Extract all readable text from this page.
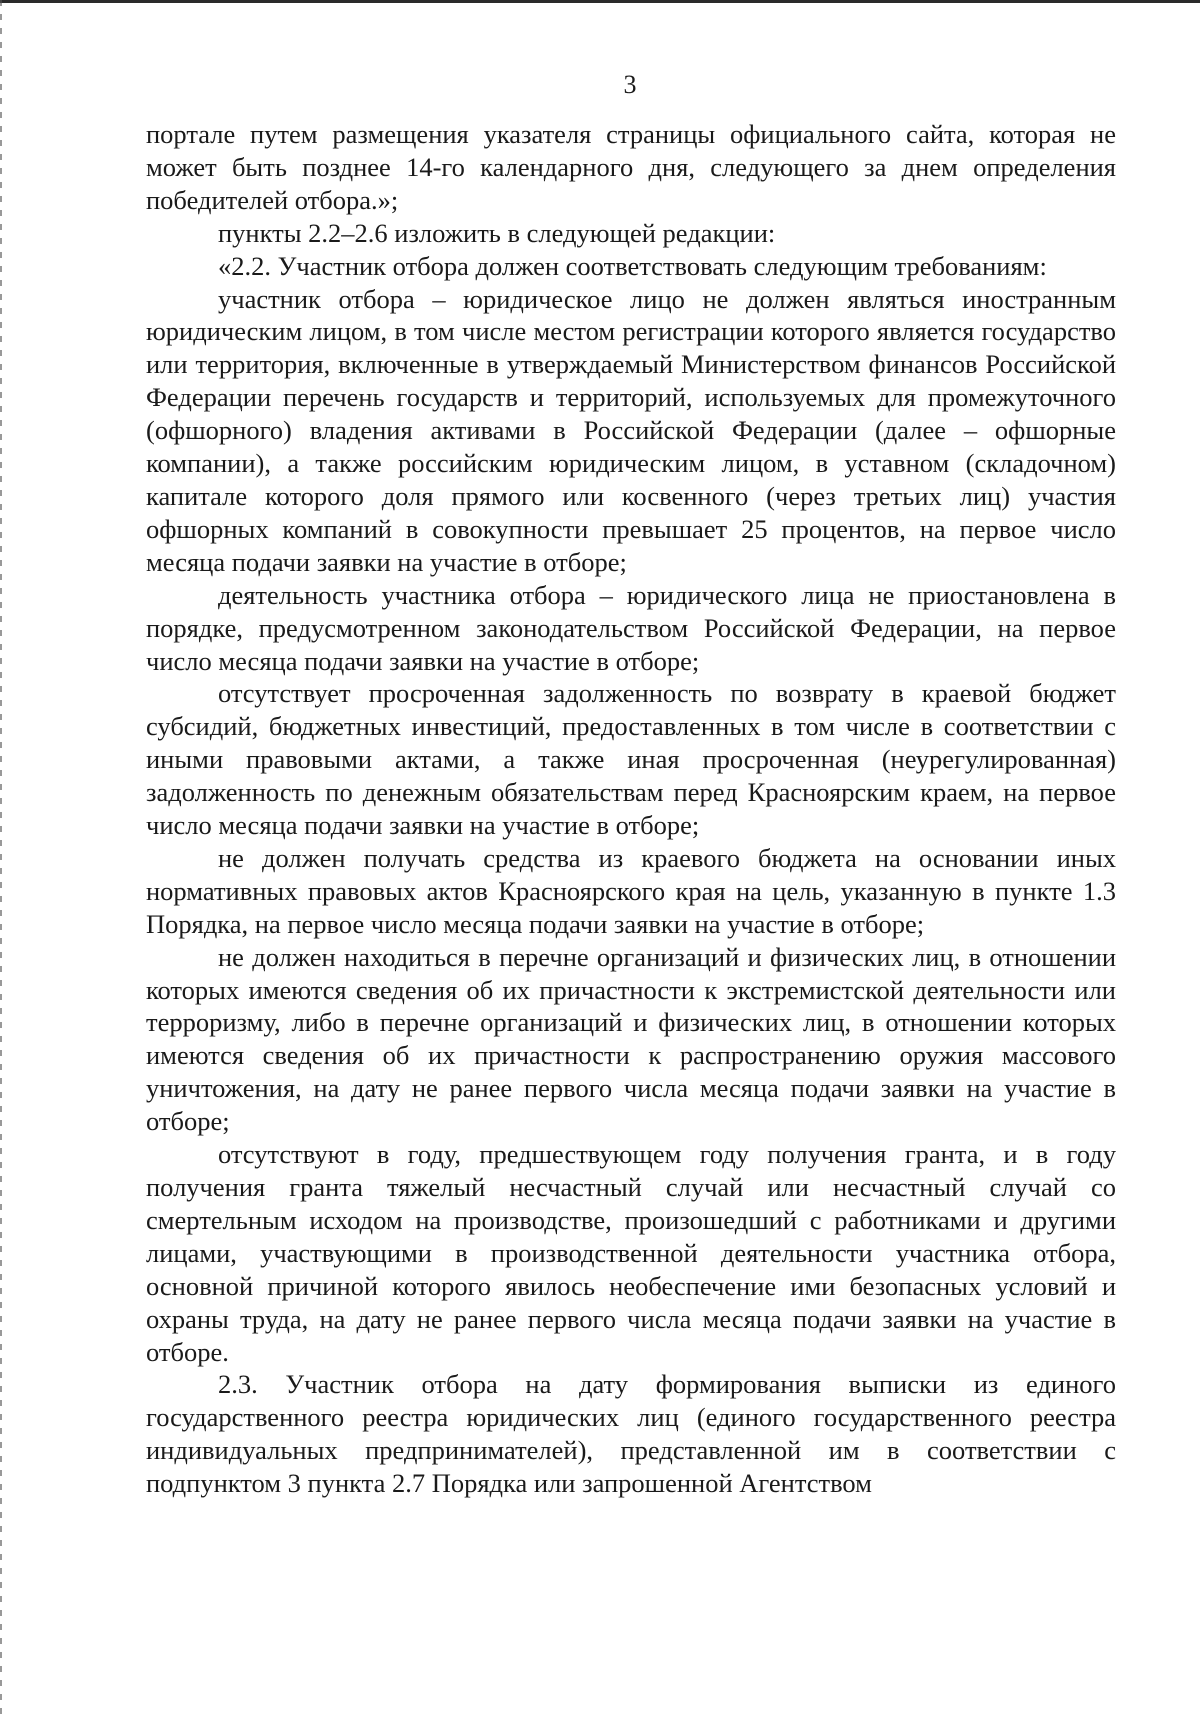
3

портале путем размещения указателя страницы официального сайта, которая не может быть позднее 14-го календарного дня, следующего за днем определения победителей отбора.»;

пункты 2.2–2.6 изложить в следующей редакции:

«2.2. Участник отбора должен соответствовать следующим требованиям:

участник отбора – юридическое лицо не должен являться иностранным юридическим лицом, в том числе местом регистрации которого является государство или территория, включенные в утверждаемый Министерством финансов Российской Федерации перечень государств и территорий, используемых для промежуточного (офшорного) владения активами в Российской Федерации (далее – офшорные компании), а также российским юридическим лицом, в уставном (складочном) капитале которого доля прямого или косвенного (через третьих лиц) участия офшорных компаний в совокупности превышает 25 процентов, на первое число месяца подачи заявки на участие в отборе;

деятельность участника отбора – юридического лица не приостановлена в порядке, предусмотренном законодательством Российской Федерации, на первое число месяца подачи заявки на участие в отборе;

отсутствует просроченная задолженность по возврату в краевой бюджет субсидий, бюджетных инвестиций, предоставленных в том числе в соответствии с иными правовыми актами, а также иная просроченная (неурегулированная) задолженность по денежным обязательствам перед Красноярским краем, на первое число месяца подачи заявки на участие в отборе;

не должен получать средства из краевого бюджета на основании иных нормативных правовых актов Красноярского края на цель, указанную в пункте 1.3 Порядка, на первое число месяца подачи заявки на участие в отборе;

не должен находиться в перечне организаций и физических лиц, в отношении которых имеются сведения об их причастности к экстремистской деятельности или терроризму, либо в перечне организаций и физических лиц, в отношении которых имеются сведения об их причастности к распространению оружия массового уничтожения, на дату не ранее первого числа месяца подачи заявки на участие в отборе;

отсутствуют в году, предшествующем году получения гранта, и в году получения гранта тяжелый несчастный случай или несчастный случай со смертельным исходом на производстве, произошедший с работниками и другими лицами, участвующими в производственной деятельности участника отбора, основной причиной которого явилось необеспечение ими безопасных условий и охраны труда, на дату не ранее первого числа месяца подачи заявки на участие в отборе.

2.3. Участник отбора на дату формирования выписки из единого государственного реестра юридических лиц (единого государственного реестра индивидуальных предпринимателей), представленной им в соответствии с подпунктом 3 пункта 2.7 Порядка или запрошенной Агентством
